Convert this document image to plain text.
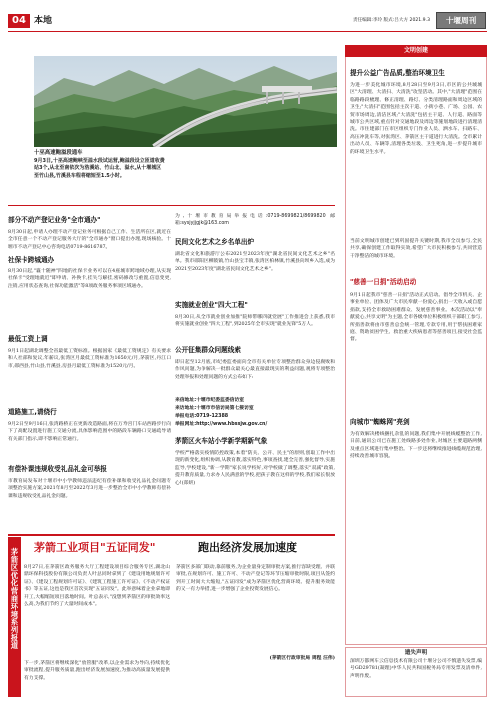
04 本地	责任编辑:李玲 版式:吕大方 2021.9.3	十堰周刊
十巫高速鲍溢段通车
9月3日,十巫高速鲍峡至溢水段试运营,鲍溢段设立匝道收费站3个,从北至南依次为浩溪站、竹山北、溢水,从十堰城区至竹山县,竹溪县车程将缩短至1.5小时。
部分不动产登记业务"全市通办"
8月30日起,申请人办理不动产登记业务可根据自己工作、生活所在区,就近在全市任意一个不动产登记服务大厅的"全市通办"窗口提出办理,现场核验。十堰市不动产登记中心咨询电话0719-8616787。
社保卡跨城通办
8月30日起,"襄十随神"四地的社保卡业务可以在4座城市跨地域办理,从实现社保卡"受理地就近"即申请、补换卡,挂失与解挂,密码修改与重置,信息变更,注销,应用状态查询,社保功能激活"等8项政务服务事项区域通办。
最低工资上调
9月1日起湖北调整全省最低工资标准。根据国家《最低工资规定》有关要求和人社部和复议,年薪议,张湾区月最低工资标准为1650元/月,茅箭区,丹江口市,郧西县,竹山县,竹溪县,房县月最低工资标准为1520元/月。
道路施工,请绕行
9月2日至9月16日,张湾路桥正在更新改造路面,将在万寿宫门车站西路步行向下了高配设置进行施工交通分流,具体影响范围中的路段车辆路口交通疏导请有关部门指示,即不影响正常通行。
有偿补课违规收受礼品礼金可举报
市教育局发布对十堰市中小学教师违法违纪有偿补课和收受礼品礼金问题专项整治实施方案,2021年8月至2022年3月进一步整治全市中小学教师有偿补课和违规收受礼品礼金问题。
为,十堰市教育局举报电话:0719-8699821/8699820 邮箱:sysjyjjgjk@163.com
民间文化艺术之乡名单出炉
湖北省文化和旅游厅公布2021至2023年度"湖北省民间文化艺术之乡"名单。我市郧阳区柳陂镇,竹山县宝丰镇,张湾区柏林镇,竹溪县向坝乡入选,成为2021至2023年度"湖北省民间文化艺术之乡"。
实施就业创业"四大工程"
8月30日,从全市就业创业加推"院师带哪四就党展"工作推进会上获悉,我市将实施就业创业"四大工程",到2025年全市实现"就业先锋"5万人。
公开征集群众问题线索
即日起至12月底,市纪委监委面向全市有关单位专项整治群众身边侵腐败和作风问题,为争解决一批群众最关心最直接最现实的利益问题,观将专项整治处理举报和处理问题的方式公布如下:
来信地址:十堰市纪委监委信访室
来访地址:十堰市市信访局第七接访室
举报电话:0719-12388
举报网址:http://www.hbssjw.gov.cn/
茅箭区火车站小学新学期新气象
学校严格落实疫情防控政策,本着"防关、公开、民主"的原则,创取工作中出现的新变化,组织协调,从教育教,落实特色,事项查找,建全完善,强化督导,实施监导,学校建设,"新一学期"家长说学校好,对学校做了调整,落实"双减"政策,提升教育质量,力求办人民满意的学校,把孩子教在这样的学校,我们家长很放心!(郑妍)
茅箭区优化营商环境系列报道
茅箭工业项目"五证同发"	跑出经济发展加速度
8月27日,在茅箭区政务服务大厅工程建设项目综合服务专区,湖北山鼎环保科技股份有限公司负责人叶总同时拿到了《建设用地规划许可证》、《建设工程规划许可证》、《建筑工程施工许可证》、《不动产权证书》等五证,这也是我区首次实现"五证同发"。此举意味着企业拿地即开工,大幅缩短项目落地时间。叶总表示,"没想到茅箭区的审批效率这么高,为我们节约了大量时间成本"。
茅箭区多部门联动,靠前服务,为企业量身定制审批方案,推行容缺受理、并联审批,在规划许可、施工许可、不动产登记等环节压缩审批时限,项目从签约到开工时间大大缩短,"五证同发"成为茅箭区优化营商环境、提升服务效能的又一有力举措,进一步增强了企业投资发展信心。
下一步,茅箭区将继续深化"放管服"改革,以企业需求为导向,持续优化审批流程,提升服务质量,跑出经济发展加速度,为推动高质量发展提供有力支撑。
(茅箭区行政审批局 周程 汪伟)
文明创建
提升公益广告品质,整治环境卫生
为进一步美化城市环境,8月28日至9月3日,市区的公共城城区"大清理、大清扫、大清洗"攻坚活动。其中,"大清理"范围在临路路段梳理、修正清理、路灯、分类清理路面和周边区域的卫生;"大清扫"范围包括主次干道、小街小巷、广场、公园、农贸市场周边,清洁区域;"大清洗"包括主干道、人行道、路面等城市公共区域,重点针对交通地段及周边等施划地段进行清理清洗。市住建部门在市区组织专门作业人员、洒水车、扫路车、高压冲洗车等,对张湾区、茅箭区主干道进行大清洗。全市累计出动人员、车辆等,清理各类垃圾、卫生死角,进一步提升城市的环境卫生水平。
当前文明城市创建已到巩固提升关键时期,我市全员参与,全民共享,确保创建工作取得实效,希望广大市民积极参与,共同营造干净整洁的城市环境。
"慈善一日捐"活动启动
9月1日起我市"慈善一日捐"活动正式启动。倡导全市机关、企事业单位、团体及广大市民奉献一份爱心,捐出一天收入或自愿捐款,支持全市救助困难群众、发展慈善事业。本次活动以"奉献爱心,共享文明"为主题,全市各级单位积极组织干部职工参与,所捐善款将由市慈善总会统一管理,专款专用,用于帮扶困难家庭、资助贫困学生、救治重大疾病患者等慈善项目,接受社会监督。
向城市"蜘蛛网"亮剑
为有效解决楼线捆扎杂乱的问题,我们集中开展线缆整治工作,日前,通讯公司已在施工处线路多处作业,对城区主要道路两侧及重点区域进行集中整治。下一步还将继续推进线缆规范治理,持续改善城市容貌。
遗失声明
深圳万都网车云信息技术有限公司十堰分公司不慎遗失发票,编号GD29781(凝理)中华人民共和国税务局专用发票及清单件,声明作废。
